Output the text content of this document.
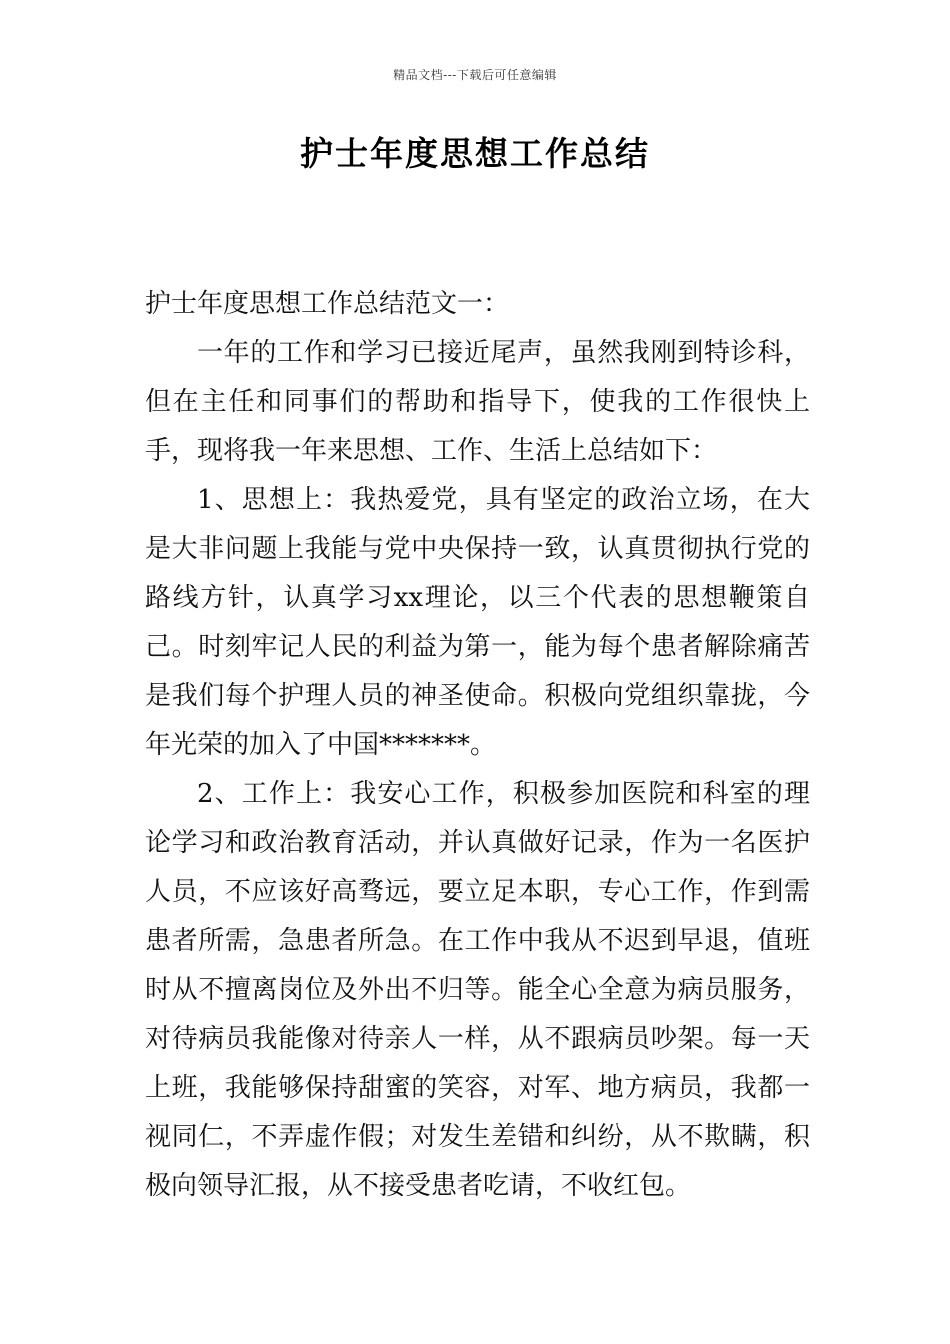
精品文档---下载后可任意编辑
护士年度思想工作总结

护士年度思想工作总结范文一：

一年的工作和学习已接近尾声，虽然我刚到特诊科，但在主任和同事们的帮助和指导下，使我的工作很快上手，现将我一年来思想、工作、生活上总结如下：

1、思想上：我热爱党，具有坚定的政治立场，在大是大非问题上我能与党中央保持一致，认真贯彻执行党的路线方针，认真学习xx理论，以三个代表的思想鞭策自己。时刻牢记人民的利益为第一，能为每个患者解除痛苦是我们每个护理人员的神圣使命。积极向党组织靠拢，今年光荣的加入了中国*******。

2、工作上：我安心工作，积极参加医院和科室的理论学习和政治教育活动，并认真做好记录，作为一名医护人员，不应该好高骛远，要立足本职，专心工作，作到需患者所需，急患者所急。在工作中我从不迟到早退，值班时从不擅离岗位及外出不归等。能全心全意为病员服务，对待病员我能像对待亲人一样，从不跟病员吵架。每一天上班，我能够保持甜蜜的笑容，对军、地方病员，我都一视同仁，不弄虚作假；对发生差错和纠纷，从不欺瞒，积极向领导汇报，从不接受患者吃请，不收红包。
